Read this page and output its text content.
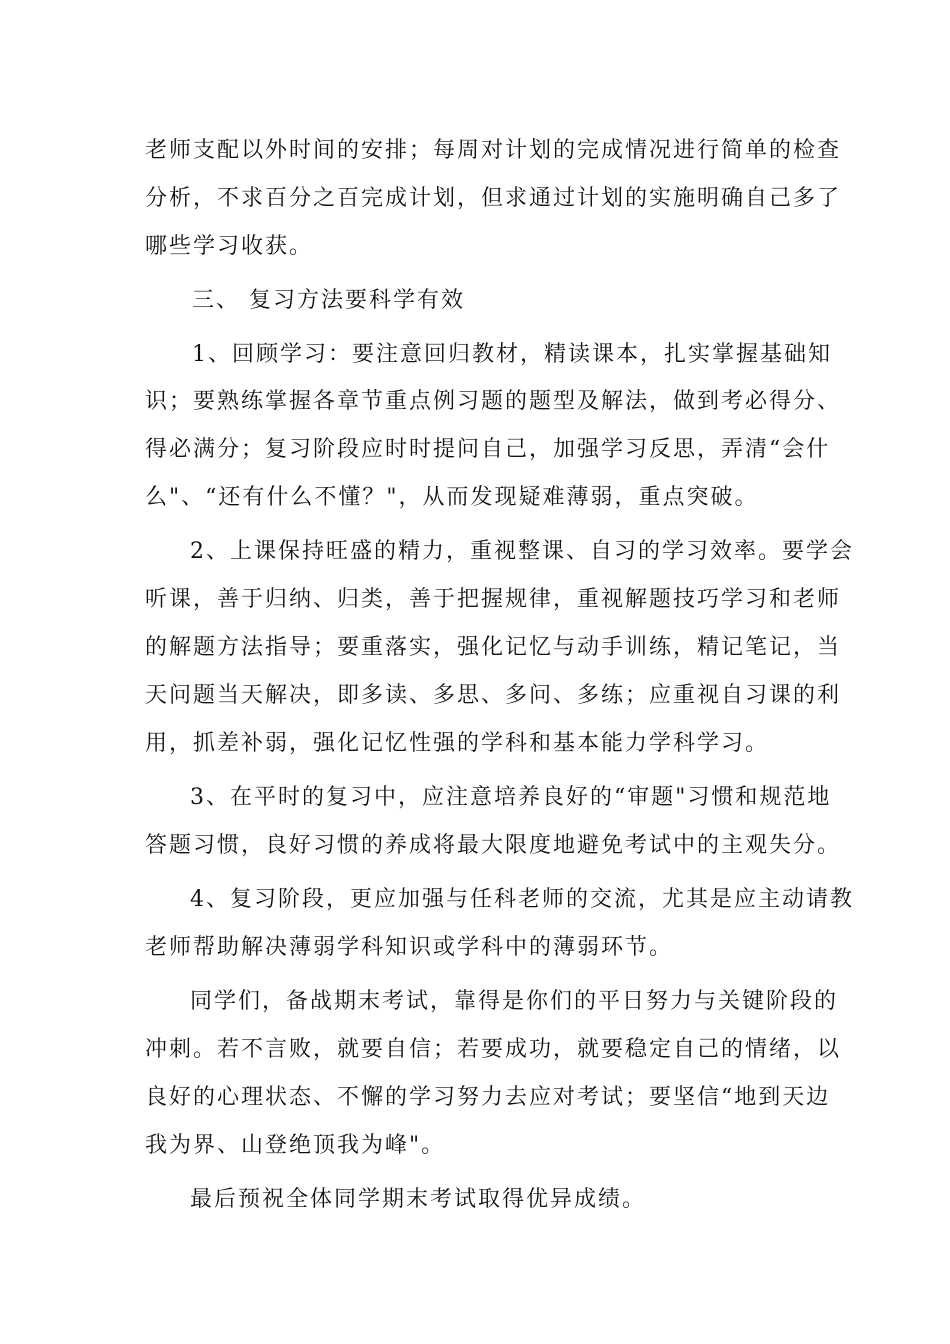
老师支配以外时间的安排；每周对计划的完成情况进行简单的检查
分析，不求百分之百完成计划，但求通过计划的实施明确自己多了
哪些学习收获。
三、 复习方法要科学有效
1、回顾学习：要注意回归教材，精读课本，扎实掌握基础知
识；要熟练掌握各章节重点例习题的题型及解法，做到考必得分、
得必满分；复习阶段应时时提问自己，加强学习反思，弄清“会什
么"、“还有什么不懂？"，从而发现疑难薄弱，重点突破。
2、上课保持旺盛的精力，重视整课、自习的学习效率。要学会
听课，善于归纳、归类，善于把握规律，重视解题技巧学习和老师
的解题方法指导；要重落实，强化记忆与动手训练，精记笔记，当
天问题当天解决，即多读、多思、多问、多练；应重视自习课的利
用，抓差补弱，强化记忆性强的学科和基本能力学科学习。
3、在平时的复习中，应注意培养良好的“审题"习惯和规范地
答题习惯，良好习惯的养成将最大限度地避免考试中的主观失分。
4、复习阶段，更应加强与任科老师的交流，尤其是应主动请教
老师帮助解决薄弱学科知识或学科中的薄弱环节。
同学们，备战期末考试，靠得是你们的平日努力与关键阶段的
冲刺。若不言败，就要自信；若要成功，就要稳定自己的情绪，以
良好的心理状态、不懈的学习努力去应对考试；要坚信“地到天边
我为界、山登绝顶我为峰"。
最后预祝全体同学期末考试取得优异成绩。
